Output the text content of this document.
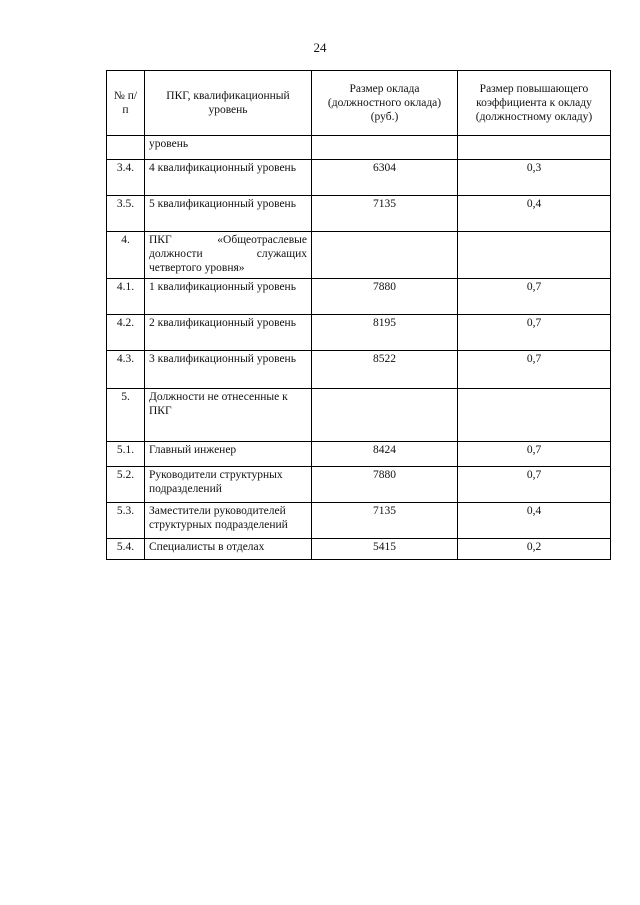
24
№ п/п	ПКГ, квалификационный уровень	Размер оклада (должностного оклада) (руб.)	Размер повышающего коэффициента к окладу (должностному окладу)
	уровень		
3.4.	4 квалификационный уровень	6304	0,3
3.5.	5 квалификационный уровень	7135	0,4
4.	ПКГ «Общеотраслевые должности служащих четвертого уровня»		
4.1.	1 квалификационный уровень	7880	0,7
4.2.	2 квалификационный уровень	8195	0,7
4.3.	3 квалификационный уровень	8522	0,7
5.	Должности не отнесенные к ПКГ		
5.1.	Главный инженер	8424	0,7
5.2.	Руководители структурных подразделений	7880	0,7
5.3.	Заместители руководителей структурных подразделений	7135	0,4
5.4.	Специалисты в отделах	5415	0,2
